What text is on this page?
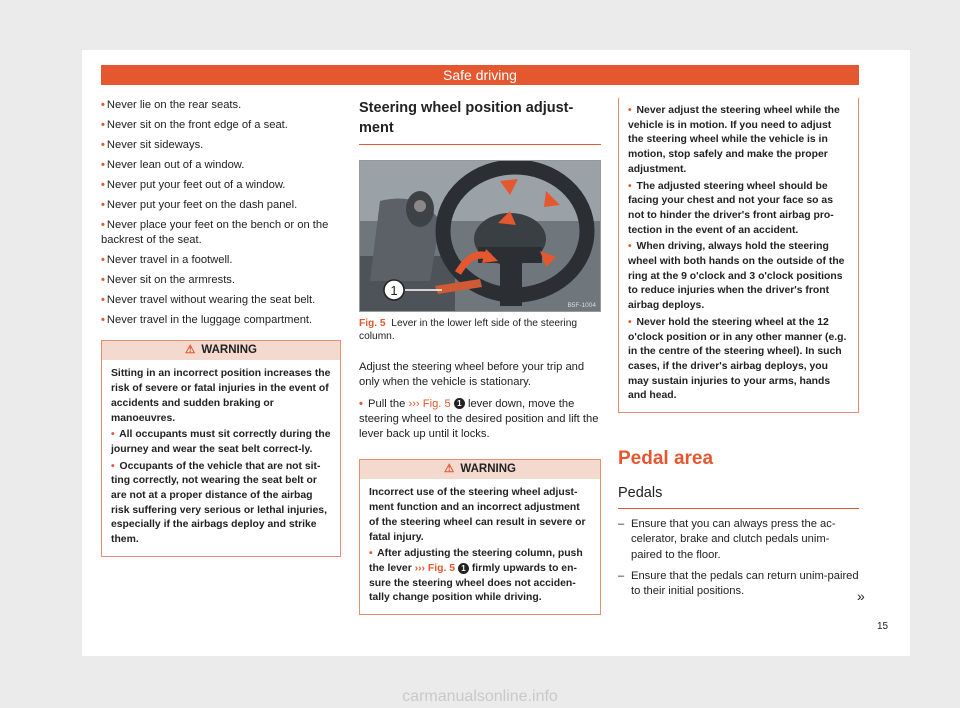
Safe driving
• Never lie on the rear seats.
• Never sit on the front edge of a seat.
• Never sit sideways.
• Never lean out of a window.
• Never put your feet out of a window.
• Never put your feet on the dash panel.
• Never place your feet on the bench or on the backrest of the seat.
• Never travel in a footwell.
• Never sit on the armrests.
• Never travel without wearing the seat belt.
• Never travel in the luggage compartment.
⚠ WARNING

Sitting in an incorrect position increases the risk of severe or fatal injuries in the event of accidents and sudden braking or manoeuvres.

• All occupants must sit correctly during the journey and wear the seat belt correct-ly.

• Occupants of the vehicle that are not sit-ting correctly, not wearing the seat belt or are not at a proper distance of the airbag risk suffering very serious or lethal injuries, especially if the airbags deploy and strike them.

Steering wheel position adjust-ment
1
B5F-1004
Fig. 5 Lever in the lower left side of the steering column.

Adjust the steering wheel before your trip and only when the vehicle is stationary.

• Pull the ››› Fig. 5 1 lever down, move the steering wheel to the desired position and lift the lever back up until it locks.

⚠ WARNING

Incorrect use of the steering wheel adjust-ment function and an incorrect adjustment of the steering wheel can result in severe or fatal injury.

• After adjusting the steering column, push the lever ››› Fig. 5 1 firmly upwards to en-sure the steering wheel does not acciden-tally change position while driving.

• Never adjust the steering wheel while the vehicle is in motion. If you need to adjust the steering wheel while the vehicle is in motion, stop safely and make the proper adjustment.

• The adjusted steering wheel should be facing your chest and not your face so as not to hinder the driver's front airbag pro-tection in the event of an accident.

• When driving, always hold the steering wheel with both hands on the outside of the ring at the 9 o'clock and 3 o'clock positions to reduce injuries when the driver's front airbag deploys.

• Never hold the steering wheel at the 12 o'clock position or in any other manner (e.g. in the centre of the steering wheel). In such cases, if the driver's airbag deploys, you may sustain injuries to your arms, hands and head.

Pedal area
Pedals
– Ensure that you can always press the ac-celerator, brake and clutch pedals unim-paired to the floor.
– Ensure that the pedals can return unim-paired to their initial positions.	»
15
carmanualsonline.info
